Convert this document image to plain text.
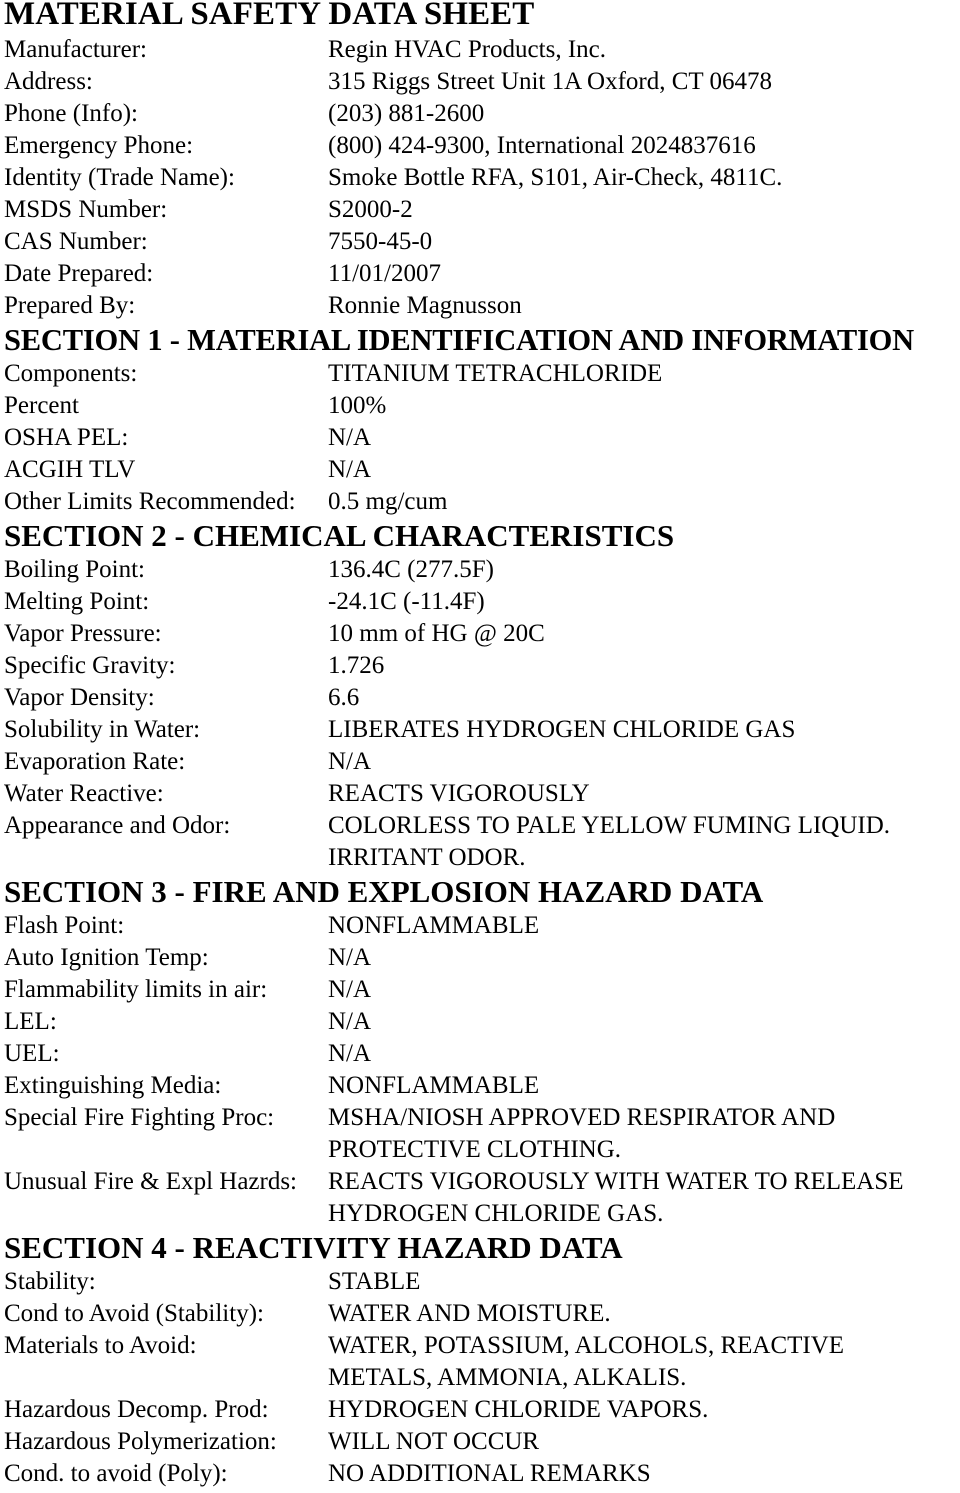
MATERIAL SAFETY DATA SHEET
Manufacturer:	Regin HVAC Products, Inc.
Address:	315 Riggs Street Unit 1A Oxford, CT 06478
Phone (Info):	(203) 881-2600
Emergency Phone:	(800) 424-9300, International 2024837616
Identity (Trade Name):	Smoke Bottle RFA, S101, Air-Check, 4811C.
MSDS Number:	S2000-2
CAS Number:	7550-45-0
Date Prepared:	11/01/2007
Prepared By:	Ronnie Magnusson
SECTION 1 - MATERIAL IDENTIFICATION AND INFORMATION
Components:	TITANIUM TETRACHLORIDE
Percent	100%
OSHA PEL:	N/A
ACGIH TLV	N/A
Other Limits Recommended: 0.5 mg/cum
SECTION 2 - CHEMICAL CHARACTERISTICS
Boiling Point:	136.4C (277.5F)
Melting Point:	-24.1C (-11.4F)
Vapor Pressure:	10 mm of HG @ 20C
Specific Gravity:	1.726
Vapor Density:	6.6
Solubility in Water:	LIBERATES HYDROGEN CHLORIDE GAS
Evaporation Rate:	N/A
Water Reactive:	REACTS VIGOROUSLY
Appearance and Odor:	COLORLESS TO PALE YELLOW FUMING LIQUID.
IRRITANT ODOR.
SECTION 3 - FIRE AND EXPLOSION HAZARD DATA
Flash Point:	NONFLAMMABLE
Auto Ignition Temp:	N/A
Flammability limits in air: N/A
LEL:	N/A
UEL:	N/A
Extinguishing Media:	NONFLAMMABLE
Special Fire Fighting Proc: MSHA/NIOSH APPROVED RESPIRATOR AND
PROTECTIVE CLOTHING.
Unusual Fire & Expl Hazrds: REACTS VIGOROUSLY WITH WATER TO RELEASE
HYDROGEN CHLORIDE GAS.
SECTION 4 - REACTIVITY HAZARD DATA
Stability:	STABLE
Cond to Avoid (Stability):	WATER AND MOISTURE.
Materials to Avoid:	WATER, POTASSIUM, ALCOHOLS, REACTIVE
METALS, AMMONIA, ALKALIS.
Hazardous Decomp. Prod: HYDROGEN CHLORIDE VAPORS.
Hazardous Polymerization: WILL NOT OCCUR
Cond. to avoid (Poly):	NO ADDITIONAL REMARKS
